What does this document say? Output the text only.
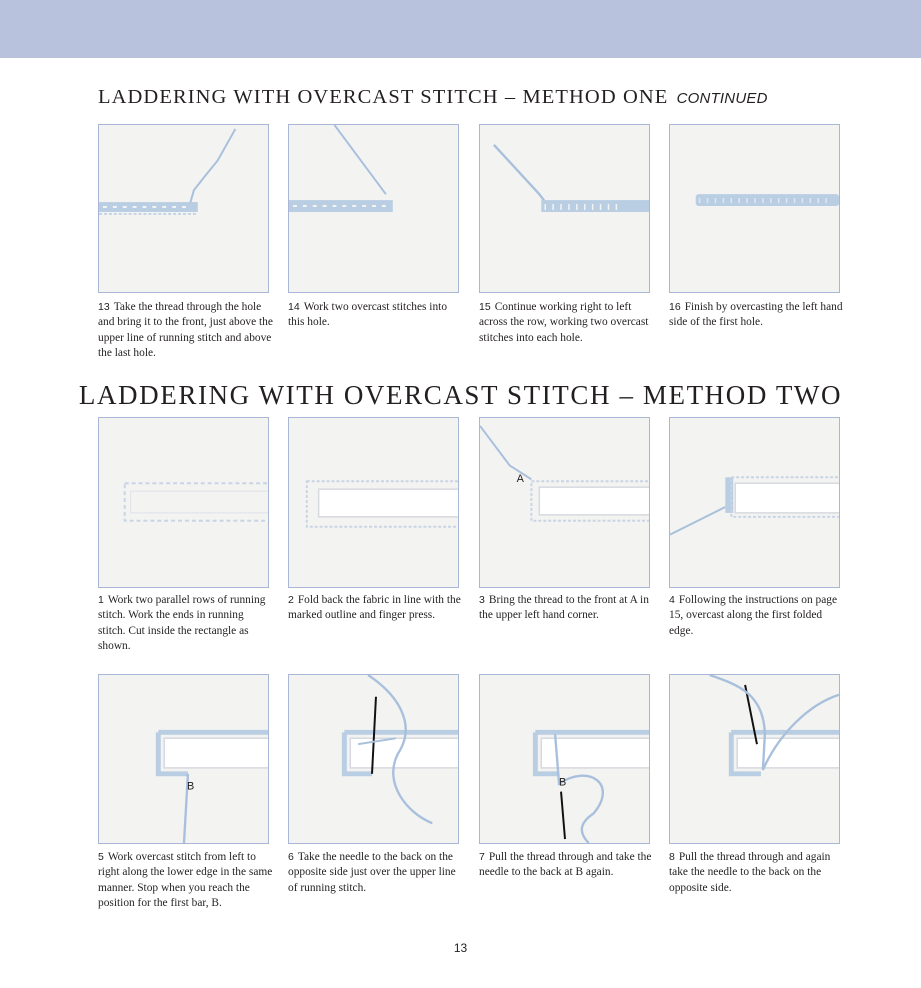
LADDERING WITH OVERCAST STITCH – METHOD ONE CONTINUED
13 Take the thread through the hole and bring it to the front, just above the upper line of running stitch and above the last hole.
14 Work two overcast stitches into this hole.
15 Continue working right to left across the row, working two overcast stitches into each hole.
16 Finish by overcasting the left hand side of the first hole.
LADDERING WITH OVERCAST STITCH – METHOD TWO
A
1 Work two parallel rows of running stitch. Work the ends in running stitch. Cut inside the rectangle as shown.
2 Fold back the fabric in line with the marked outline and finger press.
3 Bring the thread to the front at A in the upper left hand corner.
4 Following the instructions on page 15, overcast along the first folded edge.
B	B
5 Work overcast stitch from left to right along the lower edge in the same manner. Stop when you reach the position for the first bar, B.
6 Take the needle to the back on the opposite side just over the upper line of running stitch.
7 Pull the thread through and take the needle to the back at B again.
8 Pull the thread through and again take the needle to the back on the opposite side.
13
